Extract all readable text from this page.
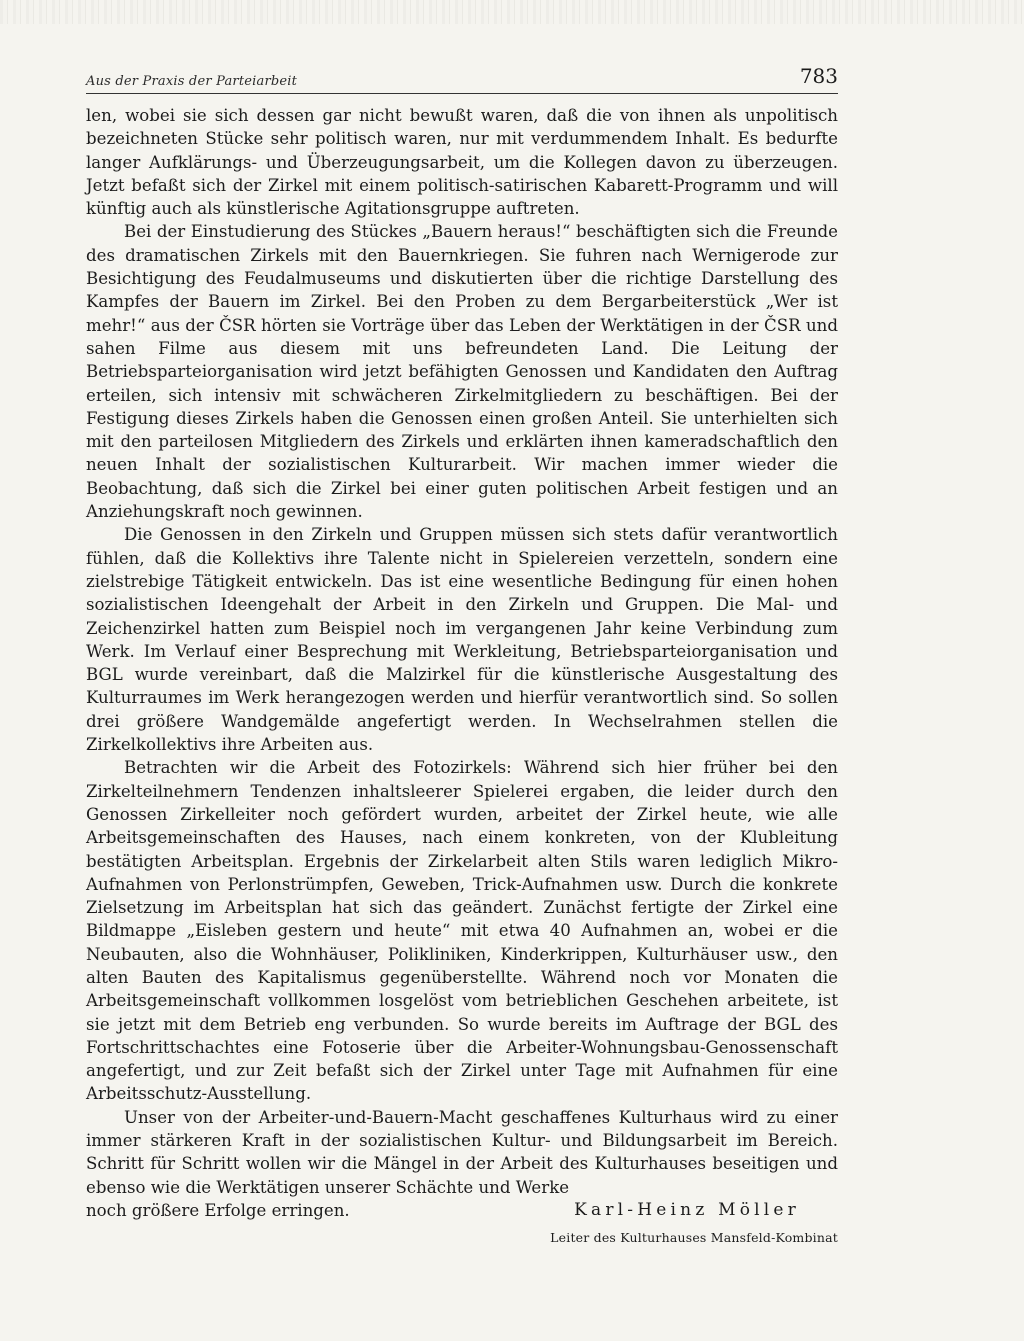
Aus der Praxis der Parteiarbeit	783

len, wobei sie sich dessen gar nicht bewußt waren, daß die von ihnen als unpolitisch bezeichneten Stücke sehr politisch waren, nur mit verdummendem Inhalt. Es bedurfte langer Aufklärungs- und Überzeugungsarbeit, um die Kollegen davon zu überzeugen. Jetzt befaßt sich der Zirkel mit einem politisch-satirischen Kabarett-Programm und will künftig auch als künstlerische Agitationsgruppe auftreten.

Bei der Einstudierung des Stückes „Bauern heraus!“ beschäftigten sich die Freunde des dramatischen Zirkels mit den Bauernkriegen. Sie fuhren nach Wernigerode zur Besichtigung des Feudalmuseums und diskutierten über die richtige Darstellung des Kampfes der Bauern im Zirkel. Bei den Proben zu dem Bergarbeiterstück „Wer ist mehr!“ aus der ČSR hörten sie Vorträge über das Leben der Werktätigen in der ČSR und sahen Filme aus diesem mit uns befreundeten Land. Die Leitung der Betriebsparteiorganisation wird jetzt befähigten Genossen und Kandidaten den Auftrag erteilen, sich intensiv mit schwächeren Zirkelmitgliedern zu beschäftigen. Bei der Festigung dieses Zirkels haben die Genossen einen großen Anteil. Sie unterhielten sich mit den parteilosen Mitgliedern des Zirkels und erklärten ihnen kameradschaftlich den neuen Inhalt der sozialistischen Kulturarbeit. Wir machen immer wieder die Beobachtung, daß sich die Zirkel bei einer guten politischen Arbeit festigen und an Anziehungskraft noch gewinnen.

Die Genossen in den Zirkeln und Gruppen müssen sich stets dafür verantwortlich fühlen, daß die Kollektivs ihre Talente nicht in Spielereien verzetteln, sondern eine zielstrebige Tätigkeit entwickeln. Das ist eine wesentliche Bedingung für einen hohen sozialistischen Ideengehalt der Arbeit in den Zirkeln und Gruppen. Die Mal- und Zeichenzirkel hatten zum Beispiel noch im vergangenen Jahr keine Verbindung zum Werk. Im Verlauf einer Besprechung mit Werkleitung, Betriebsparteiorganisation und BGL wurde vereinbart, daß die Malzirkel für die künstlerische Ausgestaltung des Kulturraumes im Werk herangezogen werden und hierfür verantwortlich sind. So sollen drei größere Wandgemälde angefertigt werden. In Wechselrahmen stellen die Zirkelkollektivs ihre Arbeiten aus.

Betrachten wir die Arbeit des Fotozirkels: Während sich hier früher bei den Zirkelteilnehmern Tendenzen inhaltsleerer Spielerei ergaben, die leider durch den Genossen Zirkelleiter noch gefördert wurden, arbeitet der Zirkel heute, wie alle Arbeitsgemeinschaften des Hauses, nach einem konkreten, von der Klubleitung bestätigten Arbeitsplan. Ergebnis der Zirkelarbeit alten Stils waren lediglich Mikro-Aufnahmen von Perlonstrümpfen, Geweben, Trick-Aufnahmen usw. Durch die konkrete Zielsetzung im Arbeitsplan hat sich das geändert. Zunächst fertigte der Zirkel eine Bildmappe „Eisleben gestern und heute“ mit etwa 40 Aufnahmen an, wobei er die Neubauten, also die Wohnhäuser, Polikliniken, Kinderkrippen, Kulturhäuser usw., den alten Bauten des Kapitalismus gegenüberstellte. Während noch vor Monaten die Arbeitsgemeinschaft vollkommen losgelöst vom betrieblichen Geschehen arbeitete, ist sie jetzt mit dem Betrieb eng verbunden. So wurde bereits im Auftrage der BGL des Fortschrittschachtes eine Fotoserie über die Arbeiter-Wohnungsbau-Genossenschaft angefertigt, und zur Zeit befaßt sich der Zirkel unter Tage mit Aufnahmen für eine Arbeitsschutz-Ausstellung.

Unser von der Arbeiter-und-Bauern-Macht geschaffenes Kulturhaus wird zu einer immer stärkeren Kraft in der sozialistischen Kultur- und Bildungsarbeit im Bereich. Schritt für Schritt wollen wir die Mängel in der Arbeit des Kulturhauses beseitigen und ebenso wie die Werktätigen unserer Schächte und Werke

noch größere Erfolge erringen.	Karl-Heinz Möller
Leiter des Kulturhauses Mansfeld-Kombinat
